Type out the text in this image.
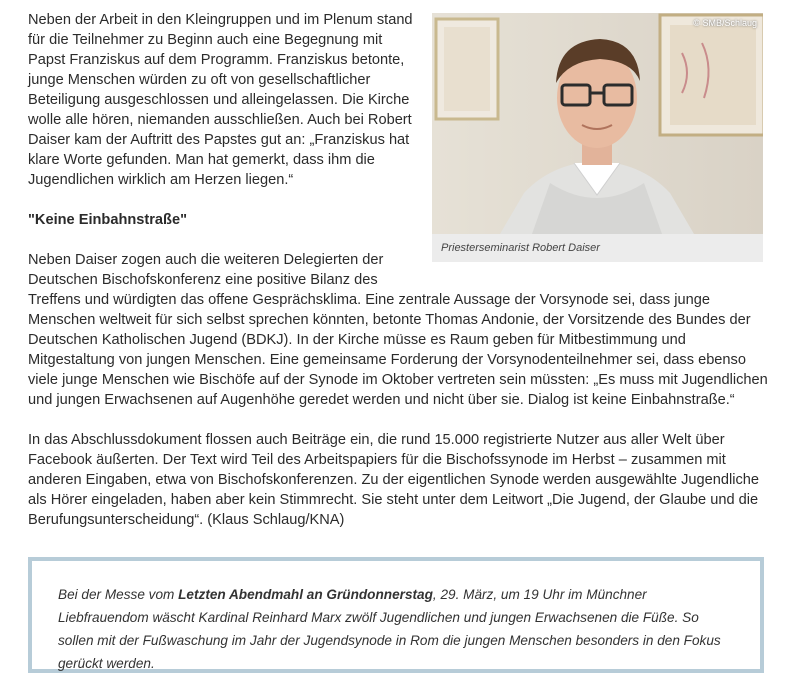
Neben der Arbeit in den Kleingruppen und im Plenum stand für die Teilnehmer zu Beginn auch eine Begegnung mit Papst Franziskus auf dem Programm. Franziskus betonte, junge Menschen würden zu oft von gesellschaftlicher Beteiligung ausgeschlossen und alleingelassen. Die Kirche wolle alle hören, niemanden ausschließen. Auch bei Robert Daiser kam der Auftritt des Papstes gut an: „Franziskus hat klare Worte gefunden. Man hat gemerkt, dass ihm die Jugendlichen wirklich am Herzen liegen.“

"Keine Einbahnstraße"

Neben Daiser zogen auch die weiteren Delegierten der Deutschen Bischofskonferenz eine positive Bilanz des
Treffens und würdigten das offene Gesprächsklima. Eine zentrale Aussage der Vorsynode sei, dass junge Menschen weltweit für sich selbst sprechen könnten, betonte Thomas Andonie, der Vorsitzende des Bundes der Deutschen Katholischen Jugend (BDKJ). In der Kirche müsse es Raum geben für Mitbestimmung und Mitgestaltung von jungen Menschen. Eine gemeinsame Forderung der Vorsynodenteilnehmer sei, dass ebenso viele junge Menschen wie Bischöfe auf der Synode im Oktober vertreten sein müssten: „Es muss mit Jugendlichen und jungen Erwachsenen auf Augenhöhe geredet werden und nicht über sie. Dialog ist keine Einbahnstraße.“

In das Abschlussdokument flossen auch Beiträge ein, die rund 15.000 registrierte Nutzer aus aller Welt über Facebook äußerten. Der Text wird Teil des Arbeitspapiers für die Bischofssynode im Herbst – zusammen mit anderen Eingaben, etwa von Bischofskonferenzen. Zu der eigentlichen Synode werden ausgewählte Jugendliche als Hörer eingeladen, haben aber kein Stimmrecht. Sie steht unter dem Leitwort „Die Jugend, der Glaube und die Berufungsunterscheidung“. (Klaus Schlaug/KNA)

© SMB/Schlaug
Priesterseminarist Robert Daiser
Bei der Messe vom Letzten Abendmahl an Gründonnerstag, 29. März, um 19 Uhr im Münchner Liebfrauendom wäscht Kardinal Reinhard Marx zwölf Jugendlichen und jungen Erwachsenen die Füße. So sollen mit der Fußwaschung im Jahr der Jugendsynode in Rom die jungen Menschen besonders in den Fokus gerückt werden.
